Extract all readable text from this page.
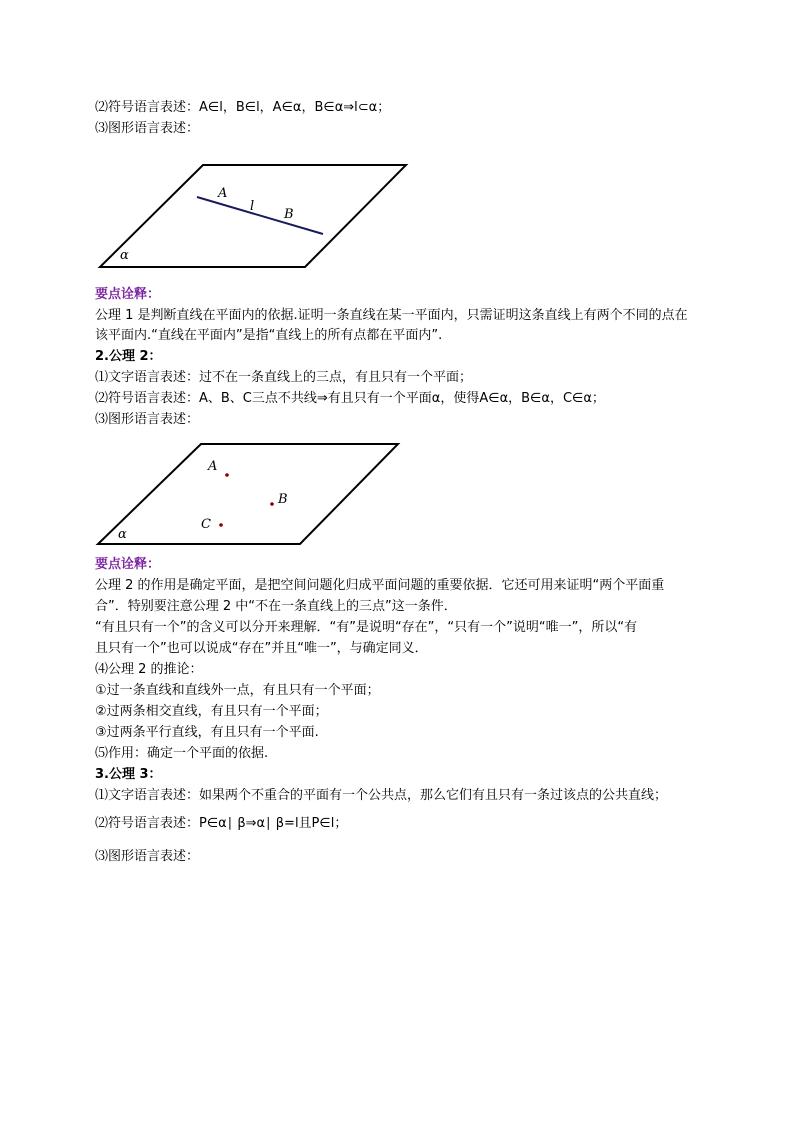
⑵符号语言表述：A∈l，B∈l，A∈α，B∈α⇒l⊂α；
⑶图形语言表述：
A
l
B
α
要点诠释：
公理 1 是判断直线在平面内的依据.证明一条直线在某一平面内，只需证明这条直线上有两个不同的点在
该平面内.“直线在平面内”是指“直线上的所有点都在平面内”.
2.公理 2：
⑴文字语言表述：过不在一条直线上的三点，有且只有一个平面；
⑵符号语言表述：A、B、C三点不共线⇒有且只有一个平面α，使得A∈α，B∈α，C∈α；
⑶图形语言表述：
A
B
C
α
要点诠释：
公理 2 的作用是确定平面，是把空间问题化归成平面问题的重要依据．它还可用来证明“两个平面重
合”．特别要注意公理 2 中“不在一条直线上的三点”这一条件．
“有且只有一个”的含义可以分开来理解．“有”是说明“存在”，“只有一个”说明“唯一”，所以“有
且只有一个”也可以说成“存在”并且“唯一”，与确定同义．
⑷公理 2 的推论：
①过一条直线和直线外一点，有且只有一个平面；
②过两条相交直线，有且只有一个平面；
③过两条平行直线，有且只有一个平面.
⑸作用：确定一个平面的依据.
3.公理 3：
⑴文字语言表述：如果两个不重合的平面有一个公共点，那么它们有且只有一条过该点的公共直线；
⑵符号语言表述：P∈α∣ β⇒α∣ β=l且P∈l；
⑶图形语言表述：
